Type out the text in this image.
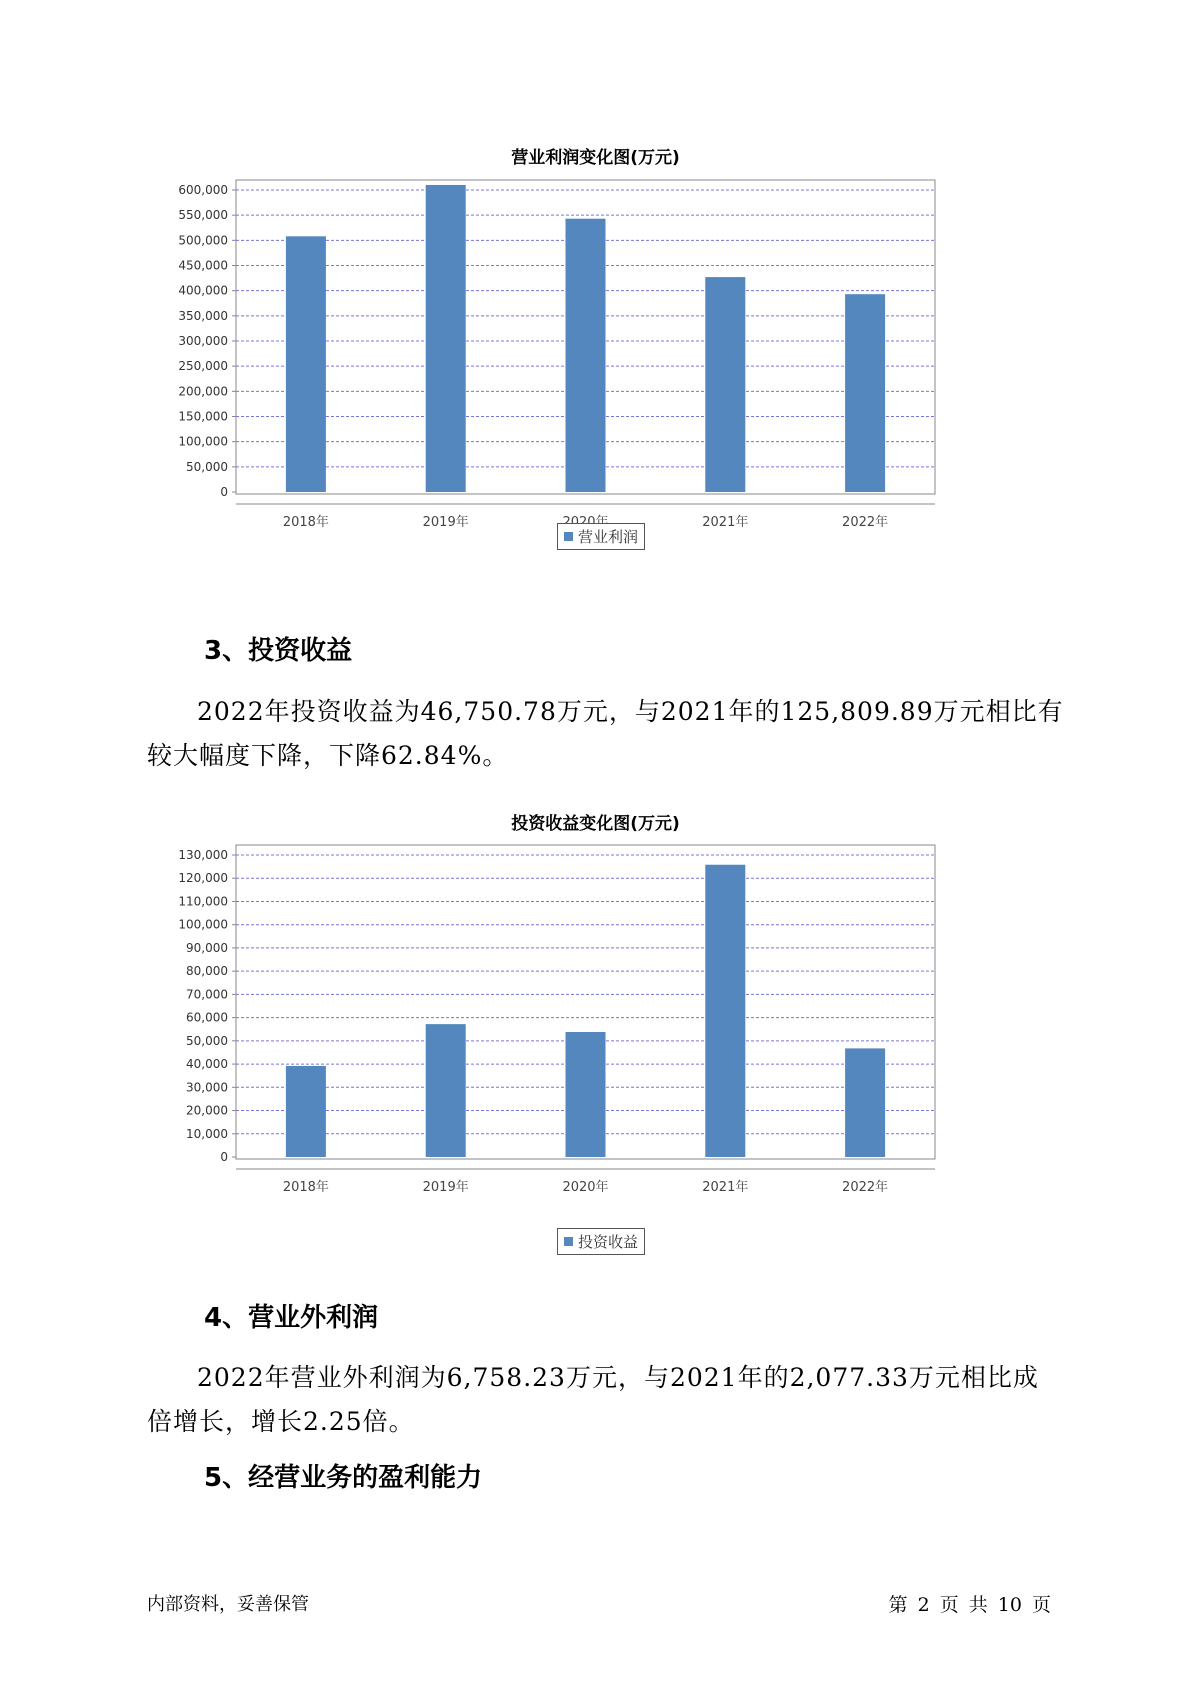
营业利润变化图(万元)
0
50,000
100,000
150,000
200,000
250,000
300,000
350,000
400,000
450,000
500,000
550,000
600,000
2018年	2019年	2021年	2022年
营业利润
3、投资收益
2022年投资收益为46,750.78万元，与2021年的125,809.89万元相比有
较大幅度下降，下降62.84%。
投资收益变化图(万元)
0
10,000
20,000
30,000
40,000
50,000
60,000
70,000
80,000
90,000
100,000
110,000
120,000
130,000
2018年	2019年	2020年	2021年	2022年
投资收益
4、营业外利润
2022年营业外利润为6,758.23万元，与2021年的2,077.33万元相比成
倍增长，增长2.25倍。
5、经营业务的盈利能力
内部资料，妥善保管	第 2 页 共 10 页
